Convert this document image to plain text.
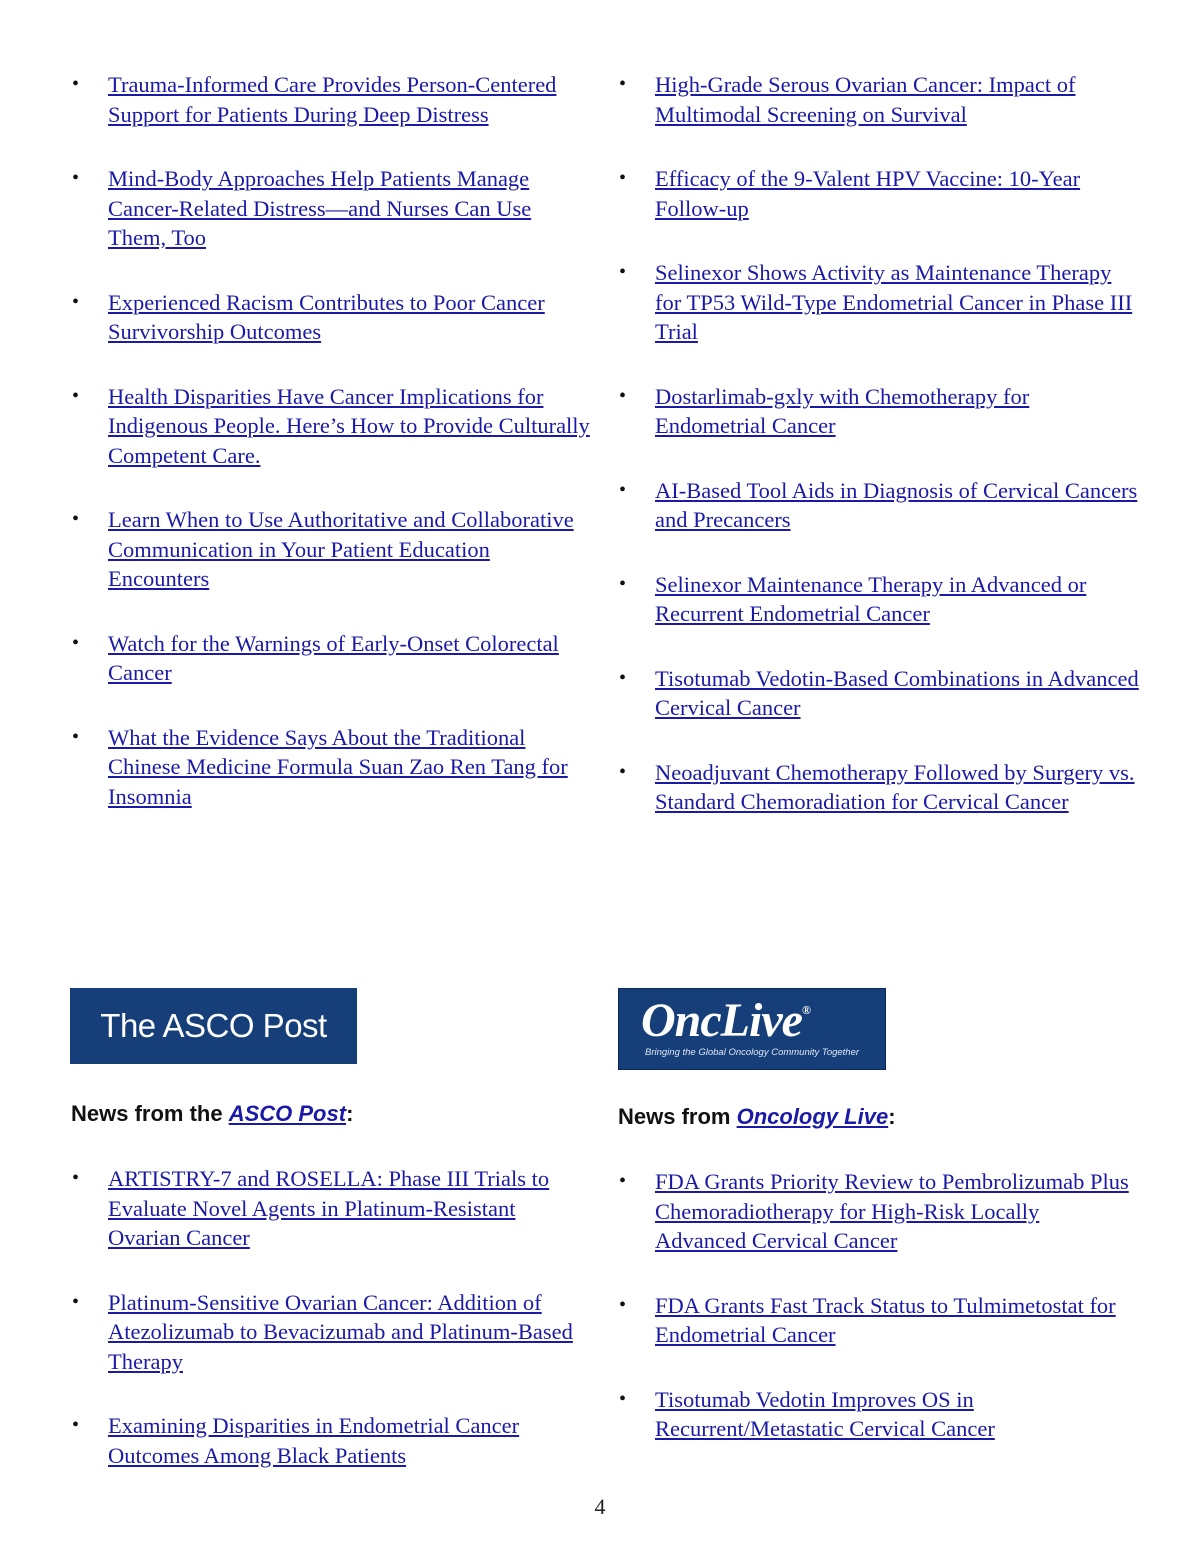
• Trauma-Informed Care Provides Person-Centered Support for Patients During Deep Distress
• Mind-Body Approaches Help Patients Manage Cancer-Related Distress—and Nurses Can Use Them, Too
• Experienced Racism Contributes to Poor Cancer Survivorship Outcomes
• Health Disparities Have Cancer Implications for Indigenous People. Here’s How to Provide Culturally Competent Care.
• Learn When to Use Authoritative and Collaborative Communication in Your Patient Education Encounters
• Watch for the Warnings of Early-Onset Colorectal Cancer
• What the Evidence Says About the Traditional Chinese Medicine Formula Suan Zao Ren Tang for Insomnia
• High-Grade Serous Ovarian Cancer: Impact of Multimodal Screening on Survival
• Efficacy of the 9-Valent HPV Vaccine: 10-Year Follow-up
• Selinexor Shows Activity as Maintenance Therapy for TP53 Wild-Type Endometrial Cancer in Phase III Trial
• Dostarlimab-gxly with Chemotherapy for Endometrial Cancer
• AI-Based Tool Aids in Diagnosis of Cervical Cancers and Precancers
• Selinexor Maintenance Therapy in Advanced or Recurrent Endometrial Cancer
• Tisotumab Vedotin-Based Combinations in Advanced Cervical Cancer
• Neoadjuvant Chemotherapy Followed by Surgery vs. Standard Chemoradiation for Cervical Cancer
The ASCO Post	OncLive®
Bringing the Global Oncology Community Together
News from the ASCO Post:	News from Oncology Live:
• ARTISTRY-7 and ROSELLA: Phase III Trials to Evaluate Novel Agents in Platinum-Resistant Ovarian Cancer
• Platinum-Sensitive Ovarian Cancer: Addition of Atezolizumab to Bevacizumab and Platinum-Based Therapy
• Examining Disparities in Endometrial Cancer Outcomes Among Black Patients
• FDA Grants Priority Review to Pembrolizumab Plus Chemoradiotherapy for High-Risk Locally Advanced Cervical Cancer
• FDA Grants Fast Track Status to Tulmimetostat for Endometrial Cancer
• Tisotumab Vedotin Improves OS in Recurrent/Metastatic Cervical Cancer
4
